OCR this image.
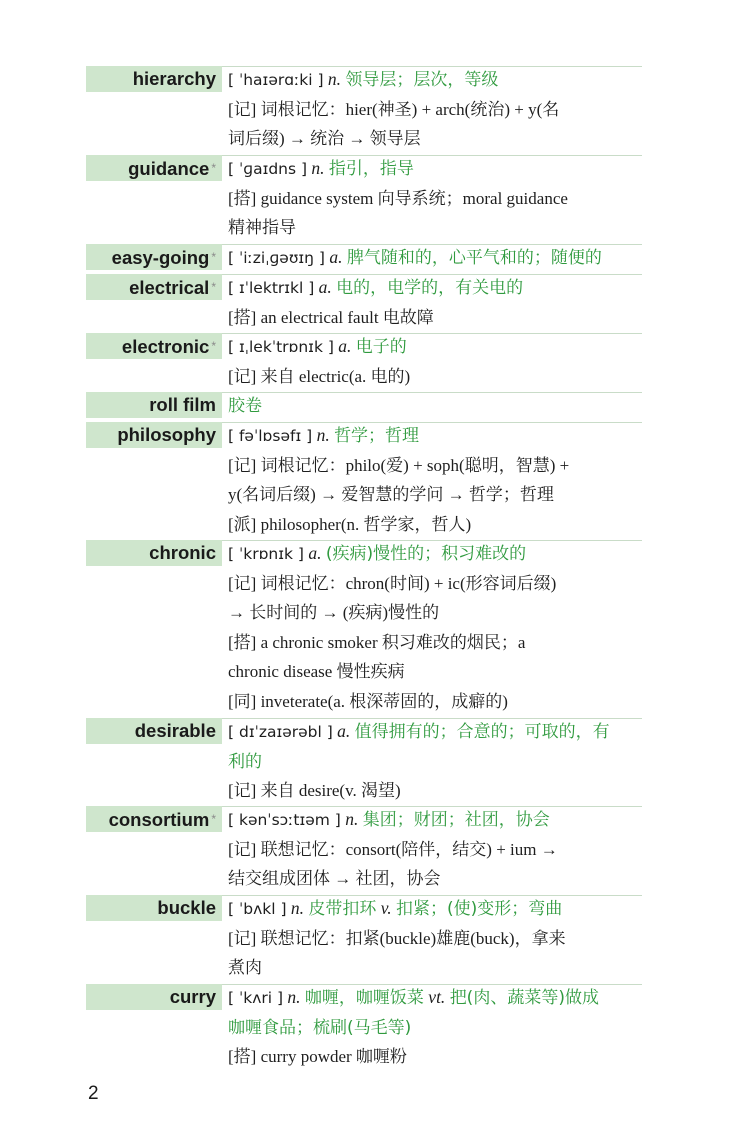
hierarchy [ ˈhaɪərɑːki ] n. 领导层；层次，等级
[记] 词根记忆：hier(神圣) + arch(统治) + y(名
词后缀) → 统治 → 领导层
guidance * [ ˈɡaɪdns ] n. 指引，指导
[搭] guidance system 向导系统；moral guidance
精神指导
easy-going * [ ˈiːziˌɡəʊɪŋ ] a. 脾气随和的，心平气和的；随便的
electrical * [ ɪˈlektrɪkl ] a. 电的，电学的，有关电的
[搭] an electrical fault 电故障
electronic * [ ɪˌlekˈtrɒnɪk ] a. 电子的
[记] 来自 electric(a. 电的)
roll film 胶卷
philosophy [ fəˈlɒsəfɪ ] n. 哲学；哲理
[记] 词根记忆：philo(爱) + soph(聪明，智慧) +
y(名词后缀) → 爱智慧的学问 → 哲学；哲理
[派] philosopher(n. 哲学家，哲人)
chronic [ ˈkrɒnɪk ] a. (疾病)慢性的；积习难改的
[记] 词根记忆：chron(时间) + ic(形容词后缀)
→ 长时间的 → (疾病)慢性的
[搭] a chronic smoker 积习难改的烟民；a
chronic disease 慢性疾病
[同] inveterate(a. 根深蒂固的，成癖的)
desirable [ dɪˈzaɪərəbl ] a. 值得拥有的；合意的；可取的，有
利的
[记] 来自 desire(v. 渴望)
consortium * [ kənˈsɔːtɪəm ] n. 集团；财团；社团，协会
[记] 联想记忆：consort(陪伴，结交) + ium →
结交组成团体 → 社团，协会
buckle [ ˈbʌkl ] n. 皮带扣环 v. 扣紧；(使)变形；弯曲
[记] 联想记忆：扣紧(buckle)雄鹿(buck)，拿来
煮肉
curry [ ˈkʌri ] n. 咖喱，咖喱饭菜 vt. 把(肉、蔬菜等)做成
咖喱食品；梳刷(马毛等)
[搭] curry powder 咖喱粉
2
